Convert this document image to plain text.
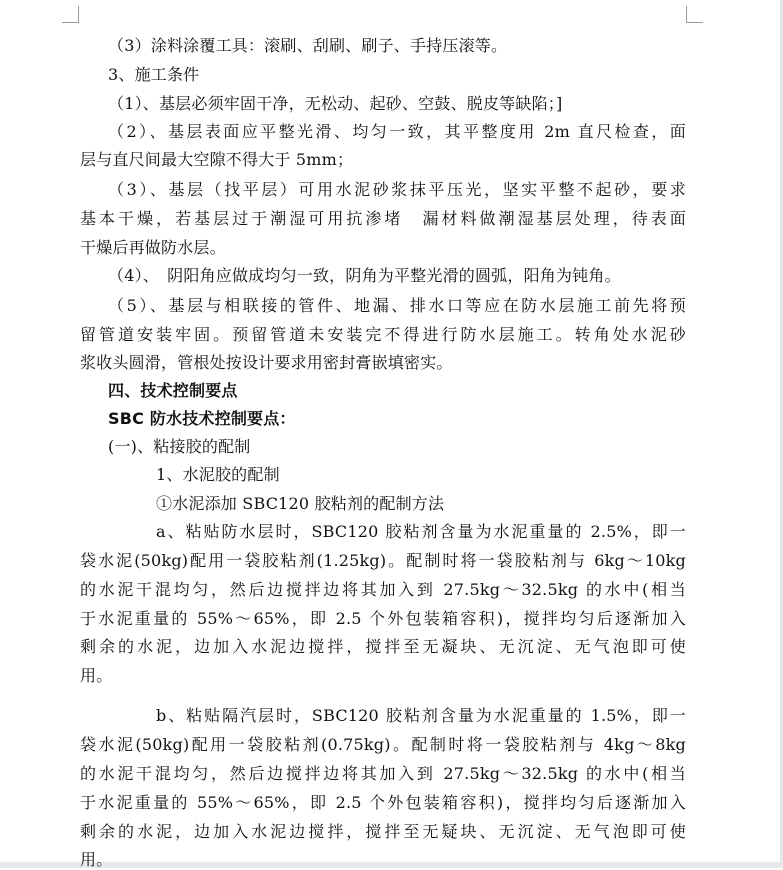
（3）涂料涂覆工具：滚刷、刮刷、刷子、手持压滚等。
3、施工条件
（1）、基层必须牢固干净，无松动、起砂、空鼓、脱皮等缺陷；]
（2）、基层表面应平整光滑、均匀一致，其平整度用 2m 直尺检查，面
层与直尺间最大空隙不得大于 5mm；
（3）、基层（找平层）可用水泥砂浆抹平压光，坚实平整不起砂，要求
基本干燥，若基层过于潮湿可用抗渗堵　漏材料做潮湿基层处理，待表面
干燥后再做防水层。
（4）、　阴阳角应做成均匀一致，阴角为平整光滑的圆弧，阳角为钝角。
（5）、基层与相联接的管件、地漏、排水口等应在防水层施工前先将预
留管道安装牢固。预留管道未安装完不得进行防水层施工。转角处水泥砂
浆收头圆滑，管根处按设计要求用密封膏嵌填密实。
四、技术控制要点
SBC 防水技术控制要点：
(一)、粘接胶的配制
1、水泥胶的配制
①水泥添加 SBC120 胶粘剂的配制方法
a、粘贴防水层时，SBC120 胶粘剂含量为水泥重量的 2.5%，即一
袋水泥(50kg)配用一袋胶粘剂(1.25kg)。配制时将一袋胶粘剂与 6kg～10kg
的水泥干混均匀，然后边搅拌边将其加入到 27.5kg～32.5kg 的水中(相当
于水泥重量的 55%～65%，即 2.5 个外包装箱容积)，搅拌均匀后逐渐加入
剩余的水泥，边加入水泥边搅拌，搅拌至无凝块、无沉淀、无气泡即可使
用。
b、粘贴隔汽层时，SBC120 胶粘剂含量为水泥重量的 1.5%，即一
袋水泥(50kg)配用一袋胶粘剂(0.75kg)。配制时将一袋胶粘剂与 4kg～8kg
的水泥干混均匀，然后边搅拌边将其加入到 27.5kg～32.5kg 的水中(相当
于水泥重量的 55%～65%，即 2.5 个外包装箱容积)，搅拌均匀后逐渐加入
剩余的水泥，边加入水泥边搅拌，搅拌至无疑块、无沉淀、无气泡即可使
用。
